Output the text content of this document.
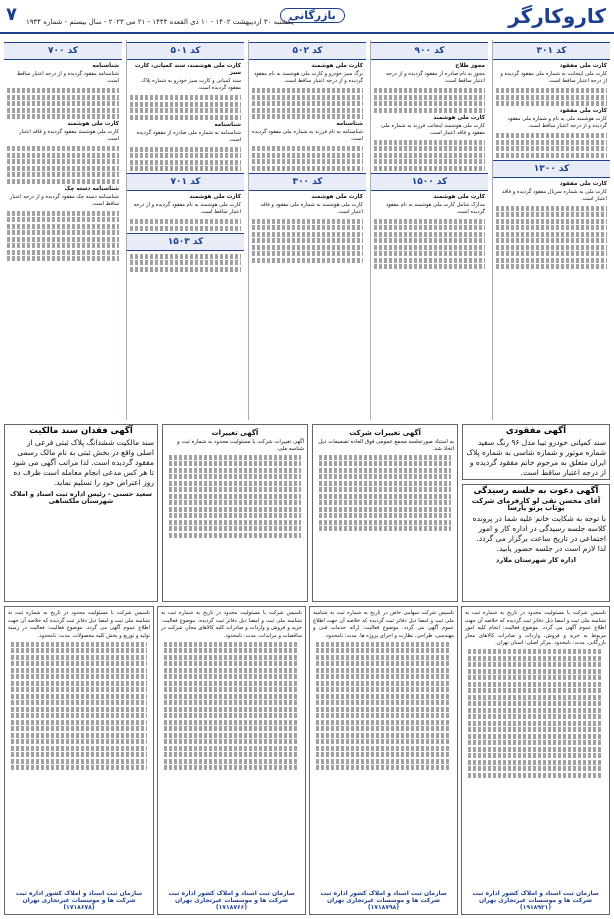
کاروکارگر
بازرگانی
یکشنبه ۳۰ اردیبهشت ۱۴۰۲ - ۱۰ ذی القعده ۱۴۴۴ - ۲۱ می ۲۰۲۳ - سال بیستم - شماره ۱۹۳۴
۷
کد ۳۰۱
کارت ملی مفقود
کارت ملی اینجانب به شماره ملی مفقود گردیده و از درجه اعتبار ساقط است.
کارت ملی مفقود
کارت هوشمند ملی به نام و شماره ملی مفقود گردیده و از درجه اعتبار ساقط است.
کد ۱۳۰۰
کارت ملی مفقود
کارت ملی به شماره سریال مفقود گردیده و فاقد اعتبار است.
کد ۹۰۰
مجوز طلاح
مجوز به نام صادره از مفقود گردیده و از درجه اعتبار ساقط است.
کارت ملی هوشمند
کارت ملی هوشمند اینجانب فرزند به شماره ملی مفقود و فاقد اعتبار است.
کد ۱۵۰۰
کارت ملی هوشمند
مدارک شامل کارت ملی هوشمند به نام مفقود گردیده است.
کد ۵۰۲
کارت ملی هوشمند
برگ سبز خودرو و کارت ملی هوشمند به نام مفقود گردیده و از درجه اعتبار ساقط است.
شناسنامه
شناسنامه به نام فرزند به شماره ملی مفقود گردیده است.
کد ۳۰۰
کارت ملی هوشمند
کارت ملی هوشمند به شماره ملی مفقود و فاقد اعتبار است.
کد ۵۰۱
کارت ملی هوشمند، سند کمپانی، کارت سبز
سند کمپانی و کارت سبز خودرو به شماره پلاک مفقود گردیده است.
شناسنامه
شناسنامه به شماره ملی صادره از مفقود گردیده است.
کد ۷۰۱
کارت ملی هوشمند
کارت ملی هوشمند به نام مفقود گردیده و از درجه اعتبار ساقط است.
کد ۱۵۰۳
کد ۷۰۰
شناسنامه
شناسنامه مفقود گردیده و از درجه اعتبار ساقط است.
کارت ملی هوشمند
کارت ملی هوشمند مفقود گردیده و فاقد اعتبار است.
شناسنامه دسته چک
شناسنامه دسته چک مفقود گردیده و از درجه اعتبار ساقط است.
آگهی مفقودی
سند کمپانی خودرو تیبا مدل ۹۶ رنگ سفید شماره موتور و شماره شاسی به شماره پلاک ایران متعلق به مرحوم خانم مفقود گردیده و از درجه اعتبار ساقط است.
آگهی دعوت به جلسه رسیدگی
آقای محسن نقی لو کارفرمای شرکت پوتاب پرتو پارسا
با توجه به شکایت خانم علیه شما در پرونده کلاسه جلسه رسیدگی در اداره کار و امور اجتماعی در تاریخ ساعت برگزار می گردد. لذا لازم است در جلسه حضور یابید.
اداره کار شهرستان ملارد
آگهی تغییرات شرکت
به استناد صورتجلسه مجمع عمومی فوق العاده تصمیمات ذیل اتخاذ شد.
آگهی تغییرات
آگهی تغییرات شرکت با مسئولیت محدود به شماره ثبت و شناسه ملی.
آگهی فقدان سند مالکیت
سند مالکیت ششدانگ پلاک ثبتی فرعی از اصلی واقع در بخش ثبتی به نام مالک رسمی مفقود گردیده است. لذا مراتب آگهی می شود تا هر کس مدعی انجام معامله است ظرف ده روز اعتراض خود را تسلیم نماید.
سعید حسنی - رئیس اداره ثبت اسناد و املاک شهرستان ملکشاهی
تاسیس شرکت با مسئولیت محدود در تاریخ به شماره ثبت به شناسه ملی ثبت و امضا ذیل دفاتر ثبت گردیده که خلاصه آن جهت اطلاع عموم آگهی می گردد. موضوع فعالیت: انجام کلیه امور مربوط به خرید و فروش، واردات و صادرات کالاهای مجاز بازرگانی. مدت: نامحدود. مرکز اصلی: استان تهران.
سازمان ثبت اسناد و املاک کشور اداره ثبت شرکت ها و موسسات غیرتجاری تهران (۱۹۱۸۹۲۱)
تاسیس شرکت سهامی خاص در تاریخ به شماره ثبت به شناسه ملی ثبت و امضا ذیل دفاتر ثبت گردیده که خلاصه آن جهت اطلاع عموم آگهی می گردد. موضوع فعالیت: ارائه خدمات فنی و مهندسی، طراحی، نظارت و اجرای پروژه ها. مدت: نامحدود.
سازمان ثبت اسناد و املاک کشور اداره ثبت شرکت ها و موسسات غیرتجاری تهران (۱۷۱۸۷۹۸)
تاسیس شرکت با مسئولیت محدود در تاریخ به شماره ثبت به شناسه ملی ثبت و امضا ذیل دفاتر ثبت گردیده. موضوع فعالیت: خرید و فروش و واردات و صادرات کلیه کالاهای مجاز، شرکت در مناقصات و مزایدات. مدت: نامحدود.
سازمان ثبت اسناد و املاک کشور اداره ثبت شرکت ها و موسسات غیرتجاری تهران (۱۷۱۸۷۶۶)
تاسیس شرکت با مسئولیت محدود در تاریخ به شماره ثبت به شناسه ملی ثبت و امضا ذیل دفاتر ثبت گردیده که خلاصه آن جهت اطلاع عموم آگهی می گردد. موضوع فعالیت: فعالیت در زمینه تولید و توزیع و پخش کلیه محصولات. مدت: نامحدود.
سازمان ثبت اسناد و املاک کشور اداره ثبت شرکت ها و موسسات غیرتجاری تهران (۱۷۱۸۶۷۸)
